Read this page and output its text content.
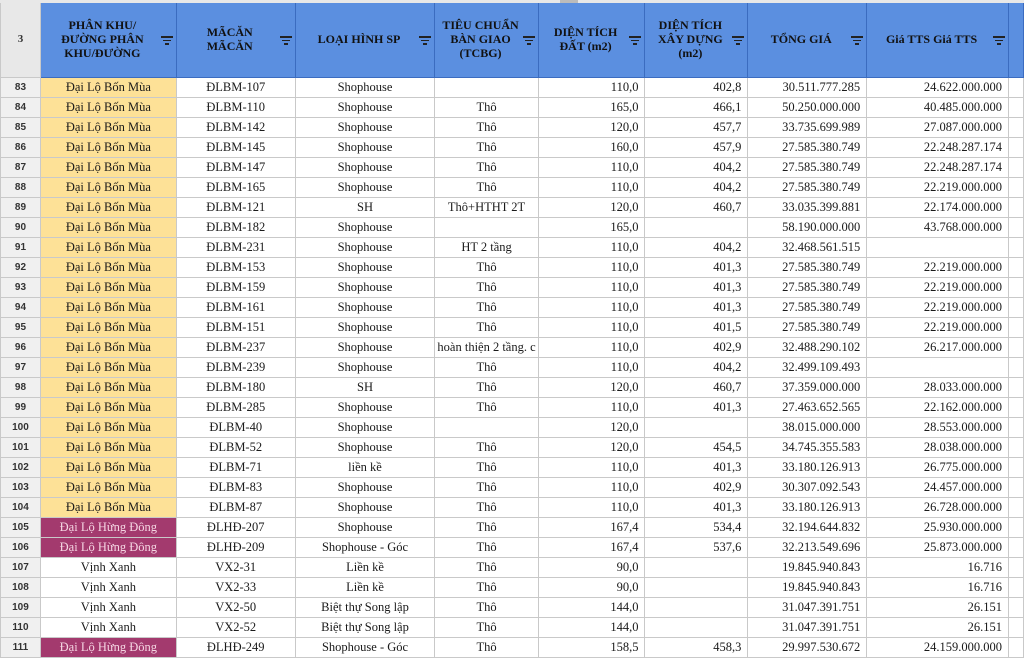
3	PHÂN KHU/ ĐƯỜNG PHÂN KHU/ĐƯỜNG	MÃCĂN MÃCĂN	LOẠI HÌNH SP	TIÊU CHUẨN BÀN GIAO (TCBG)	DIỆN TÍCH ĐẤT (m2)	DIỆN TÍCH XÂY DỰNG (m2)	TỔNG GIÁ	Giá TTS Giá TTS	

83	Đại Lộ Bốn Mùa	ĐLBM-107	Shophouse		110,0	402,8	30.511.777.285	24.622.000.000	
84	Đại Lộ Bốn Mùa	ĐLBM-110	Shophouse	Thô	165,0	466,1	50.250.000.000	40.485.000.000	
85	Đại Lộ Bốn Mùa	ĐLBM-142	Shophouse	Thô	120,0	457,7	33.735.699.989	27.087.000.000	
86	Đại Lộ Bốn Mùa	ĐLBM-145	Shophouse	Thô	160,0	457,9	27.585.380.749	22.248.287.174	
87	Đại Lộ Bốn Mùa	ĐLBM-147	Shophouse	Thô	110,0	404,2	27.585.380.749	22.248.287.174	
88	Đại Lộ Bốn Mùa	ĐLBM-165	Shophouse	Thô	110,0	404,2	27.585.380.749	22.219.000.000	
89	Đại Lộ Bốn Mùa	ĐLBM-121	SH	Thô+HTHT 2T	120,0	460,7	33.035.399.881	22.174.000.000	
90	Đại Lộ Bốn Mùa	ĐLBM-182	Shophouse		165,0		58.190.000.000	43.768.000.000	
91	Đại Lộ Bốn Mùa	ĐLBM-231	Shophouse	HT 2 tầng	110,0	404,2	32.468.561.515		
92	Đại Lộ Bốn Mùa	ĐLBM-153	Shophouse	Thô	110,0	401,3	27.585.380.749	22.219.000.000	
93	Đại Lộ Bốn Mùa	ĐLBM-159	Shophouse	Thô	110,0	401,3	27.585.380.749	22.219.000.000	
94	Đại Lộ Bốn Mùa	ĐLBM-161	Shophouse	Thô	110,0	401,3	27.585.380.749	22.219.000.000	
95	Đại Lộ Bốn Mùa	ĐLBM-151	Shophouse	Thô	110,0	401,5	27.585.380.749	22.219.000.000	
96	Đại Lộ Bốn Mùa	ĐLBM-237	Shophouse	hoàn thiện 2 tầng. c	110,0	402,9	32.488.290.102	26.217.000.000	
97	Đại Lộ Bốn Mùa	ĐLBM-239	Shophouse	Thô	110,0	404,2	32.499.109.493		
98	Đại Lộ Bốn Mùa	ĐLBM-180	SH	Thô	120,0	460,7	37.359.000.000	28.033.000.000	
99	Đại Lộ Bốn Mùa	ĐLBM-285	Shophouse	Thô	110,0	401,3	27.463.652.565	22.162.000.000	
100	Đại Lộ Bốn Mùa	ĐLBM-40	Shophouse		120,0		38.015.000.000	28.553.000.000	
101	Đại Lộ Bốn Mùa	ĐLBM-52	Shophouse	Thô	120,0	454,5	34.745.355.583	28.038.000.000	
102	Đại Lộ Bốn Mùa	ĐLBM-71	liền kề	Thô	110,0	401,3	33.180.126.913	26.775.000.000	
103	Đại Lộ Bốn Mùa	ĐLBM-83	Shophouse	Thô	110,0	402,9	30.307.092.543	24.457.000.000	
104	Đại Lộ Bốn Mùa	ĐLBM-87	Shophouse	Thô	110,0	401,3	33.180.126.913	26.728.000.000	
105	Đại Lộ Hừng Đông	ĐLHĐ-207	Shophouse	Thô	167,4	534,4	32.194.644.832	25.930.000.000	
106	Đại Lộ Hừng Đông	ĐLHĐ-209	Shophouse - Góc	Thô	167,4	537,6	32.213.549.696	25.873.000.000	
107	Vịnh Xanh	VX2-31	Liền kề	Thô	90,0		19.845.940.843	16.716	
108	Vịnh Xanh	VX2-33	Liền kề	Thô	90,0		19.845.940.843	16.716	
109	Vịnh Xanh	VX2-50	Biệt thự Song lập	Thô	144,0		31.047.391.751	26.151	
110	Vịnh Xanh	VX2-52	Biệt thự Song lập	Thô	144,0		31.047.391.751	26.151	
111	Đại Lộ Hừng Đông	ĐLHĐ-249	Shophouse - Góc	Thô	158,5	458,3	29.997.530.672	24.159.000.000	
